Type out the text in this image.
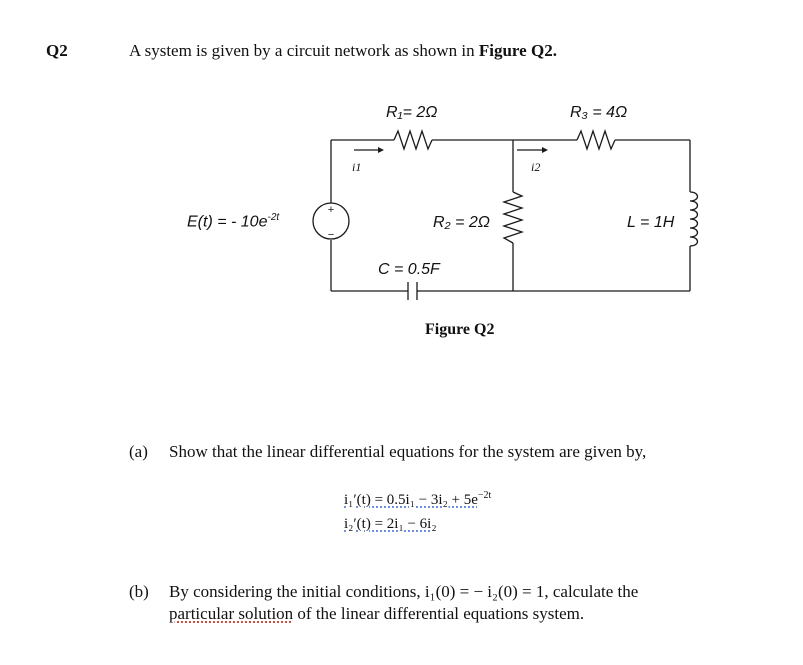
Q2	A system is given by a circuit network as shown in Figure Q2.
+
−
R₁= 2Ω	R₃ = 4Ω
i1	i2
E(t) = - $10e^{-2t}$	R₂ = 2Ω	L = 1H
C = 0.5F
Figure Q2
(a) Show that the linear differential equations for the system are given by,
$i_1'(t) = 0.5i_1 - 3i_2 + 5e^{-2t}$
i₂′(t) = 2i₁ − 6i₂
(b) By considering the initial conditions, i₁(0) = − i₂(0) = 1, calculate the
particular solution of the linear differential equations system.
